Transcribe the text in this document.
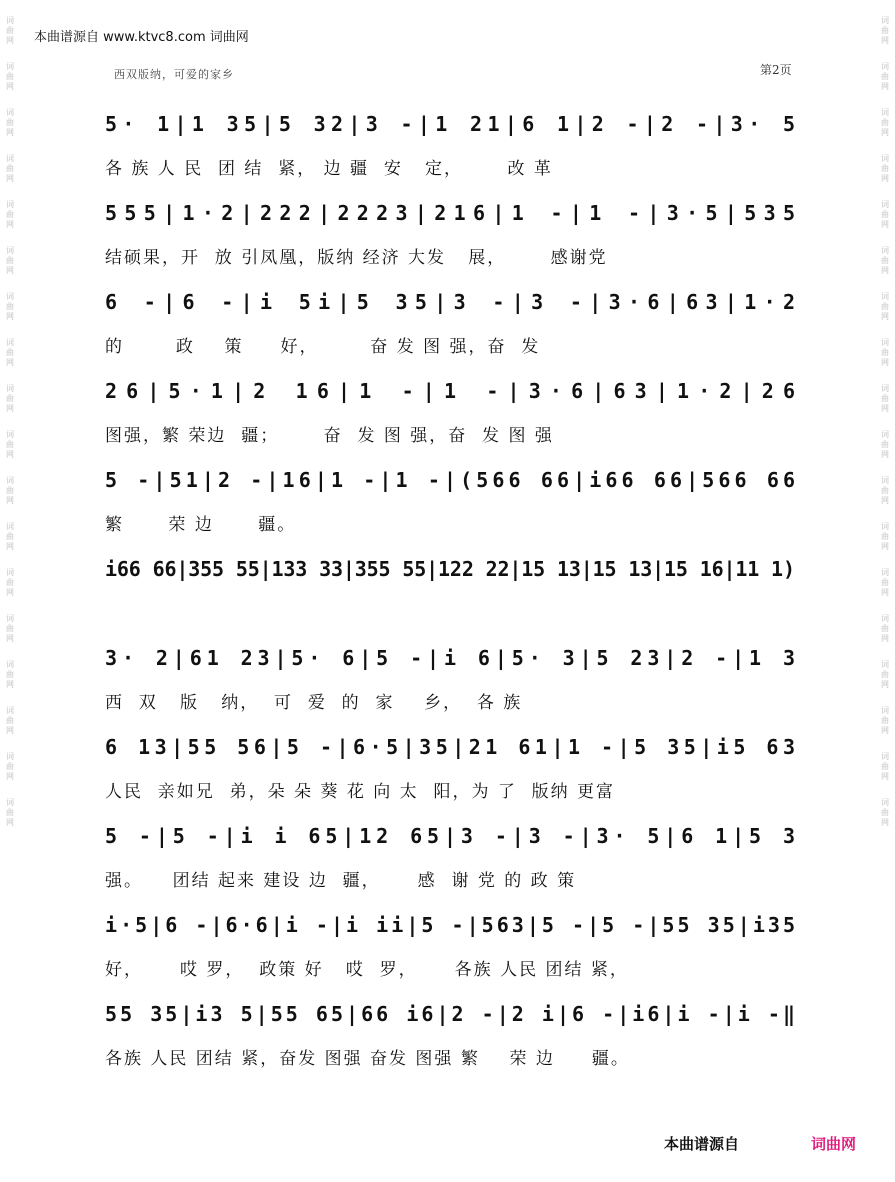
词
曲
网
词
曲
网
词
曲
网
词
曲
网
词
曲
网
词
曲
网
词
曲
网
词
曲
网
词
曲
网
词
曲
网
词
曲
网
词
曲
网
词
曲
网
词
曲
网
词
曲
网
词
曲
网
词
曲
网
词
曲
网
词
曲
网
词
曲
网
词
曲
网
词
曲
网
词
曲
网
词
曲
网
词
曲
网
词
曲
网
词
曲
网
词
曲
网
词
曲
网
词
曲
网
词
曲
网
词
曲
网
词
曲
网
词
曲
网
词
曲
网
词
曲
网
本曲谱源自 www.ktvc8.com 词曲网
西双版纳，可爱的家乡	第2页
5· 1|1 35|5 32|3 -|1 21|6 1|2 -|2 -|3· 5
各 族 人 民  团 结  紧， 边 疆  安   定，      改 革
555|1·2|222|2223|216|1 -|1 -|3·5|535
结硕果，开  放 引凤凰，版纳 经济 大发   展，      感谢党
6 -|6 -|i 5i|5 35|3 -|3 -|3·6|63|1·2
的       政    策     好，       奋 发 图 强，奋  发
26|5·1|2 16|1 -|1 -|3·6|63|1·2|26
图强，繁 荣边  疆；      奋  发 图 强，奋  发 图 强
5 -|51|2 -|16|1 -|1 -|(566 66|i66 66|566 66
繁      荣 边      疆。
i66 66|355 55|133 33|355 55|122 22|15 13|15 13|15 16|11 1)
3· 2|61 23|5· 6|5 -|i 6|5· 3|5 23|2 -|1 3
西  双   版   纳，  可  爱  的  家    乡，  各 族
6 13|55 56|5 -|6·5|35|21 61|1 -|5 35|i5 63
人民  亲如兄  弟，朵 朵 葵 花 向 太  阳，为 了  版纳 更富
5 -|5 -|i i 65|12 65|3 -|3 -|3· 5|6 1|5 3
强。    团结 起来 建设 边  疆，     感  谢 党 的 政 策
i·5|6 -|6·6|i -|i ii|5 -|563|5 -|5 -|55 35|i35
好，     哎 罗，  政策 好   哎  罗，     各族 人民 团结 紧，
55 35|i3 5|55 65|66 i6|2 -|2 i|6 -|i6|i -|i -‖
各族 人民 团结 紧，奋发 图强 奋发 图强 繁    荣 边     疆。
本曲谱源自	词曲网
